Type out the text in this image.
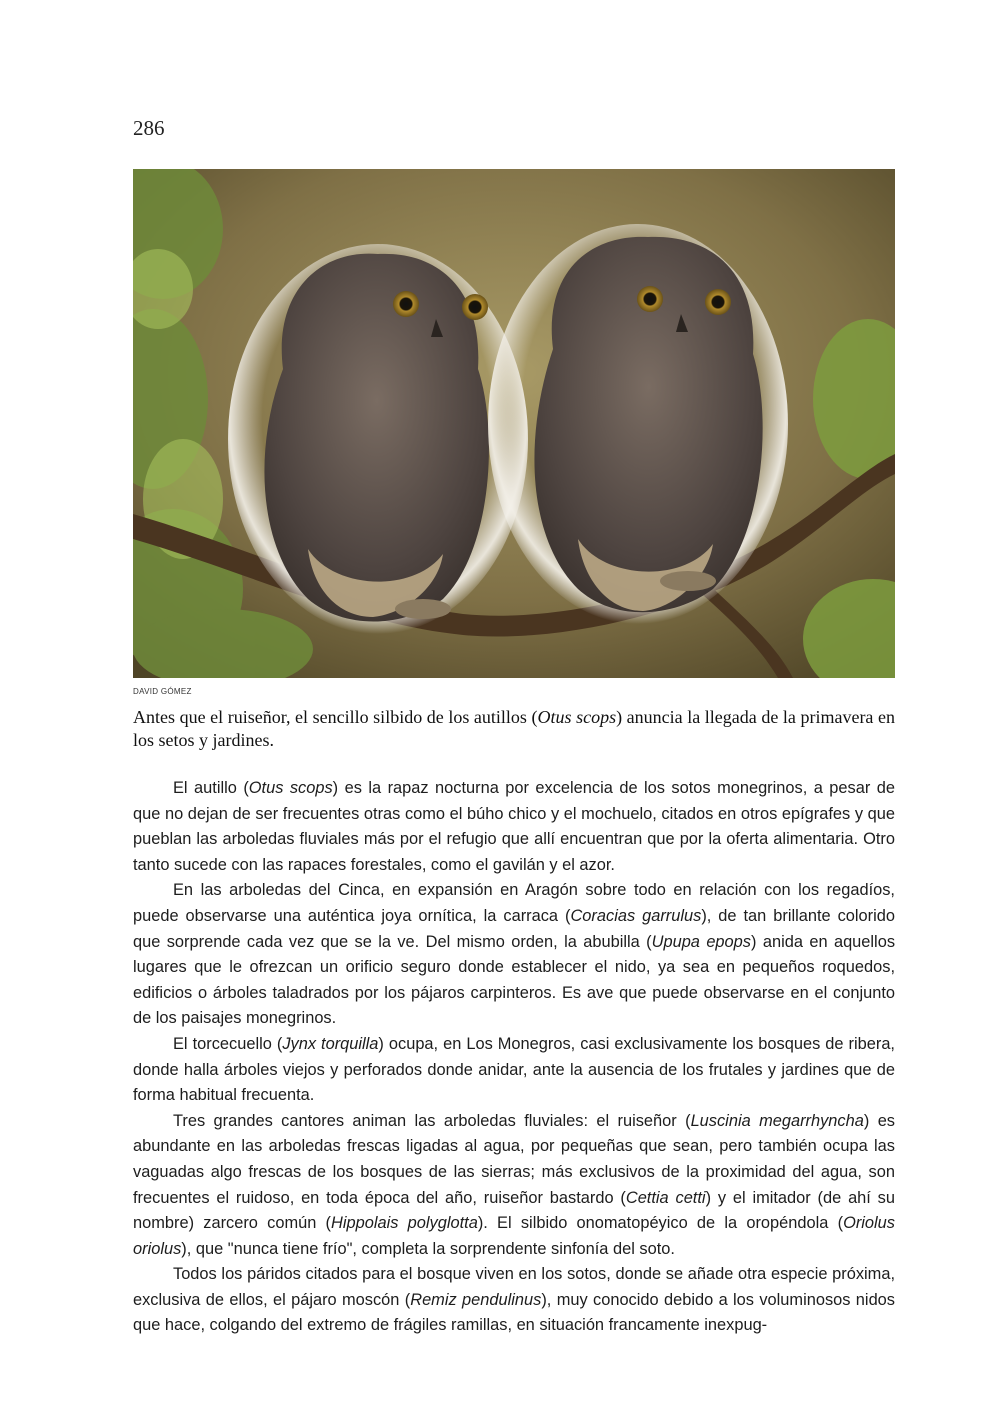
286
DAVID GÓMEZ
Antes que el ruiseñor, el sencillo silbido de los autillos (Otus scops) anuncia la llegada de la primavera en los setos y jardines.

El autillo (Otus scops) es la rapaz nocturna por excelencia de los sotos monegrinos, a pesar de que no dejan de ser frecuentes otras como el búho chico y el mochuelo, citados en otros epígrafes y que pueblan las arboledas fluviales más por el refugio que allí encuentran que por la oferta alimentaria. Otro tanto sucede con las rapaces forestales, como el gavilán y el azor.

En las arboledas del Cinca, en expansión en Aragón sobre todo en relación con los regadíos, puede observarse una auténtica joya ornítica, la carraca (Coracias garrulus), de tan brillante colorido que sorprende cada vez que se la ve. Del mismo orden, la abubilla (Upupa epops) anida en aquellos lugares que le ofrezcan un orificio seguro donde establecer el nido, ya sea en pequeños roquedos, edificios o árboles taladrados por los pájaros carpinteros. Es ave que puede observarse en el conjunto de los paisajes monegrinos.

El torcecuello (Jynx torquilla) ocupa, en Los Monegros, casi exclusivamente los bosques de ribera, donde halla árboles viejos y perforados donde anidar, ante la ausencia de los frutales y jardines que de forma habitual frecuenta.

Tres grandes cantores animan las arboledas fluviales: el ruiseñor (Luscinia megarrhyncha) es abundante en las arboledas frescas ligadas al agua, por pequeñas que sean, pero también ocupa las vaguadas algo frescas de los bosques de las sierras; más exclusivos de la proximidad del agua, son frecuentes el ruidoso, en toda época del año, ruiseñor bastardo (Cettia cetti) y el imitador (de ahí su nombre) zarcero común (Hippolais polyglotta). El silbido onomatopéyico de la oropéndola (Oriolus oriolus), que "nunca tiene frío", completa la sorprendente sinfonía del soto.

Todos los páridos citados para el bosque viven en los sotos, donde se añade otra especie próxima, exclusiva de ellos, el pájaro moscón (Remiz pendulinus), muy conocido debido a los voluminosos nidos que hace, colgando del extremo de frágiles ramillas, en situación francamente inexpug-
